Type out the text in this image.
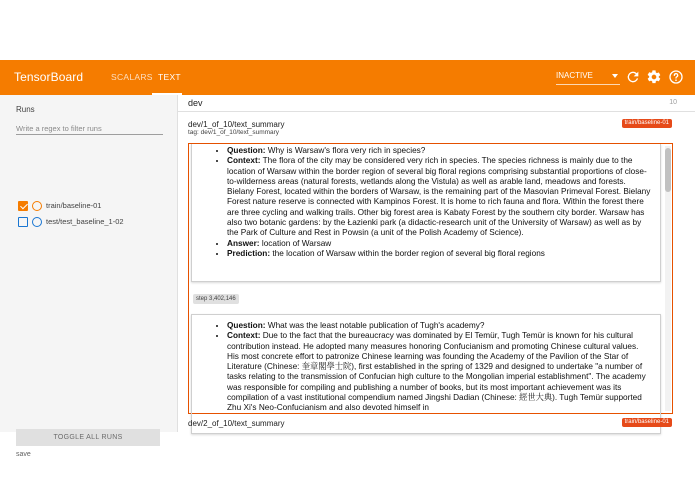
TensorBoard	SCALARS TEXT	INACTIVE
Runs
Write a regex to filter runs
train/baseline-01
test/test_baseline_1-02
TOGGLE ALL RUNS
save
dev	10
dev/1_of_10/text_summary
tag: dev/1_of_10/text_summary
train/baseline-01
• Question: Why is Warsaw's flora very rich in species?
• Context: The flora of the city may be considered very rich in species. The species richness is mainly due to the location of Warsaw within the border region of several big floral regions comprising substantial proportions of close-to-wilderness areas (natural forests, wetlands along the Vistula) as well as arable land, meadows and forests. Bielany Forest, located within the borders of Warsaw, is the remaining part of the Masovian Primeval Forest. Bielany Forest nature reserve is connected with Kampinos Forest. It is home to rich fauna and flora. Within the forest there are three cycling and walking trails. Other big forest area is Kabaty Forest by the southern city border. Warsaw has also two botanic gardens: by the Łazienki park (a didactic-research unit of the University of Warsaw) as well as by the Park of Culture and Rest in Powsin (a unit of the Polish Academy of Science).
• Answer: location of Warsaw
• Prediction: the location of Warsaw within the border region of several big floral regions
step 3,402,146
• Question: What was the least notable publication of Tugh's academy?
• Context: Due to the fact that the bureaucracy was dominated by El Temür, Tugh Temür is known for his cultural contribution instead. He adopted many measures honoring Confucianism and promoting Chinese cultural values. His most concrete effort to patronize Chinese learning was founding the Academy of the Pavilion of the Star of Literature (Chinese: 奎章閣學士院), first established in the spring of 1329 and designed to undertake "a number of tasks relating to the transmission of Confucian high culture to the Mongolian imperial establishment". The academy was responsible for compiling and publishing a number of books, but its most important achievement was its compilation of a vast institutional compendium named Jingshi Dadian (Chinese: 經世大典). Tugh Temür supported Zhu Xi's Neo-Confucianism and also devoted himself in
dev/2_of_10/text_summary	train/baseline-01
